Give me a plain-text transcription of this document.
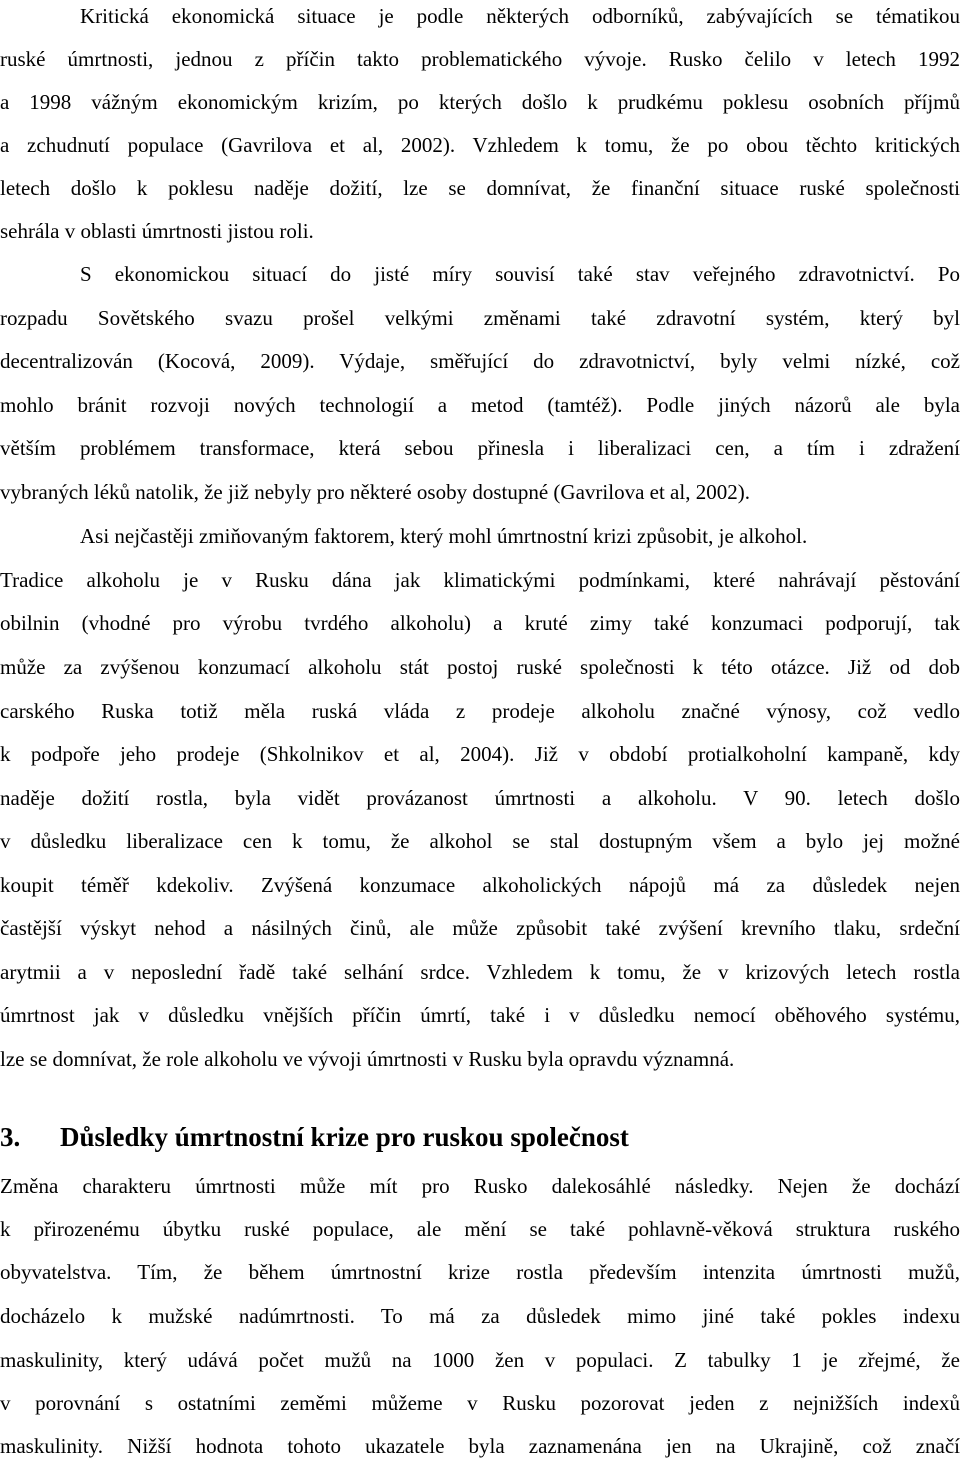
Kritická ekonomická situace je podle některých odborníků, zabývajících se tématikou
ruské úmrtnosti, jednou z příčin takto problematického vývoje. Rusko čelilo v letech 1992
a 1998 vážným ekonomickým krizím, po kterých došlo k prudkému poklesu osobních příjmů
a zchudnutí populace (Gavrilova et al, 2002). Vzhledem k tomu, že po obou těchto kritických
letech došlo k poklesu naděje dožití, lze se domnívat, že finanční situace ruské společnosti
sehrála v oblasti úmrtnosti jistou roli.
S ekonomickou situací do jisté míry souvisí také stav veřejného zdravotnictví. Po
rozpadu Sovětského svazu prošel velkými změnami také zdravotní systém, který byl
decentralizován (Kocová, 2009). Výdaje, směřující do zdravotnictví, byly velmi nízké, což
mohlo bránit rozvoji nových technologií a metod (tamtéž). Podle jiných názorů ale byla
větším problémem transformace, která sebou přinesla i liberalizaci cen, a tím i zdražení
vybraných léků natolik, že již nebyly pro některé osoby dostupné (Gavrilova et al, 2002).
Asi nejčastěji zmiňovaným faktorem, který mohl úmrtnostní krizi způsobit, je alkohol.
Tradice alkoholu je v Rusku dána jak klimatickými podmínkami, které nahrávají pěstování
obilnin (vhodné pro výrobu tvrdého alkoholu) a kruté zimy také konzumaci podporují, tak
může za zvýšenou konzumací alkoholu stát postoj ruské společnosti k této otázce. Již od dob
carského Ruska totiž měla ruská vláda z prodeje alkoholu značné výnosy, což vedlo
k podpoře jeho prodeje (Shkolnikov et al, 2004). Již v období protialkoholní kampaně, kdy
naděje dožití rostla, byla vidět provázanost úmrtnosti a alkoholu. V 90. letech došlo
v důsledku liberalizace cen k tomu, že alkohol se stal dostupným všem a bylo jej možné
koupit téměř kdekoliv. Zvýšená konzumace alkoholických nápojů má za důsledek nejen
častější výskyt nehod a násilných činů, ale může způsobit také zvýšení krevního tlaku, srdeční
arytmii a v neposlední řadě také selhání srdce. Vzhledem k tomu, že v krizových letech rostla
úmrtnost jak v důsledku vnějších příčin úmrtí, také i v důsledku nemocí oběhového systému,
lze se domnívat, že role alkoholu ve vývoji úmrtnosti v Rusku byla opravdu významná.
3. Důsledky úmrtnostní krize pro ruskou společnost
Změna charakteru úmrtnosti může mít pro Rusko dalekosáhlé následky. Nejen že dochází
k přirozenému úbytku ruské populace, ale mění se také pohlavně-věková struktura ruského
obyvatelstva. Tím, že během úmrtnostní krize rostla především intenzita úmrtnosti mužů,
docházelo k mužské nadúmrtnosti. To má za důsledek mimo jiné také pokles indexu
maskulinity, který udává počet mužů na 1000 žen v populaci. Z tabulky 1 je zřejmé, že
v porovnání s ostatními zeměmi můžeme v Rusku pozorovat jeden z nejnižších indexů
maskulinity. Nižší hodnota tohoto ukazatele byla zaznamenána jen na Ukrajině, což značí
